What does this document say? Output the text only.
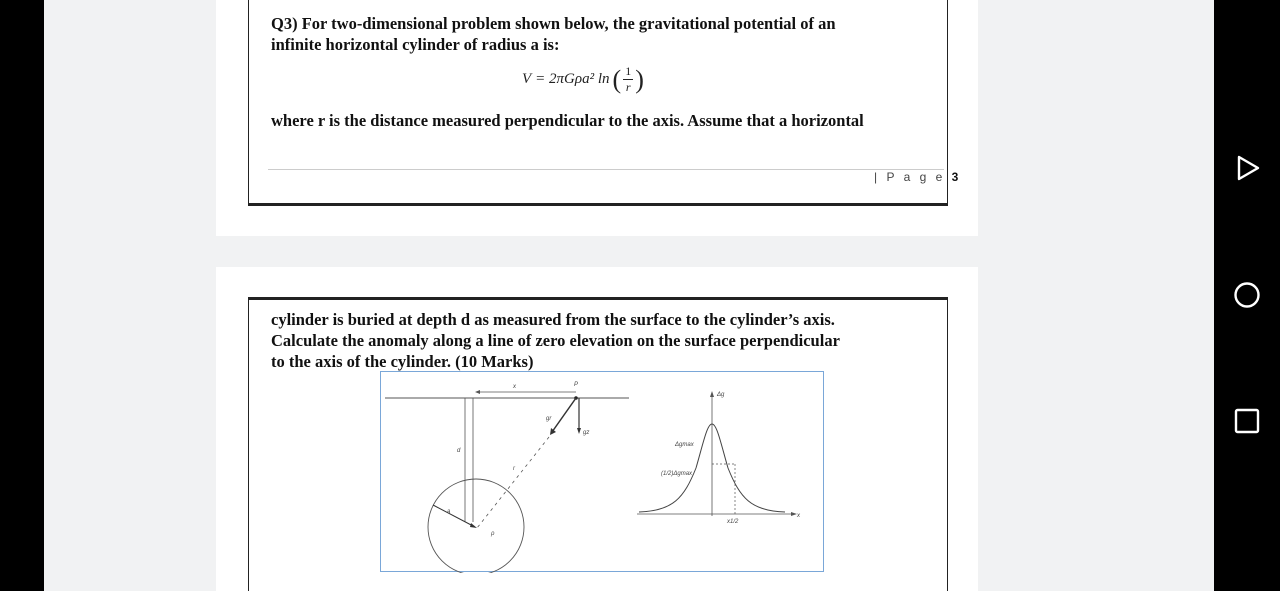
Q3) For two-dimensional problem shown below, the gravitational potential of an
infinite horizontal cylinder of radius a is:
V = 2πGρa² ln ( $\frac{1}{r}$ )
where r is the distance measured perpendicular to the axis. Assume that a horizontal
| P a g e 3
cylinder is buried at depth d as measured from the surface to the cylinder’s axis.
Calculate the anomaly along a line of zero elevation on the surface perpendicular
to the axis of the cylinder. (10 Marks)
x	P
d
gr
gz
r
a
ρ
Δg
x
Δgmax
(1/2)Δgmax
x1/2
